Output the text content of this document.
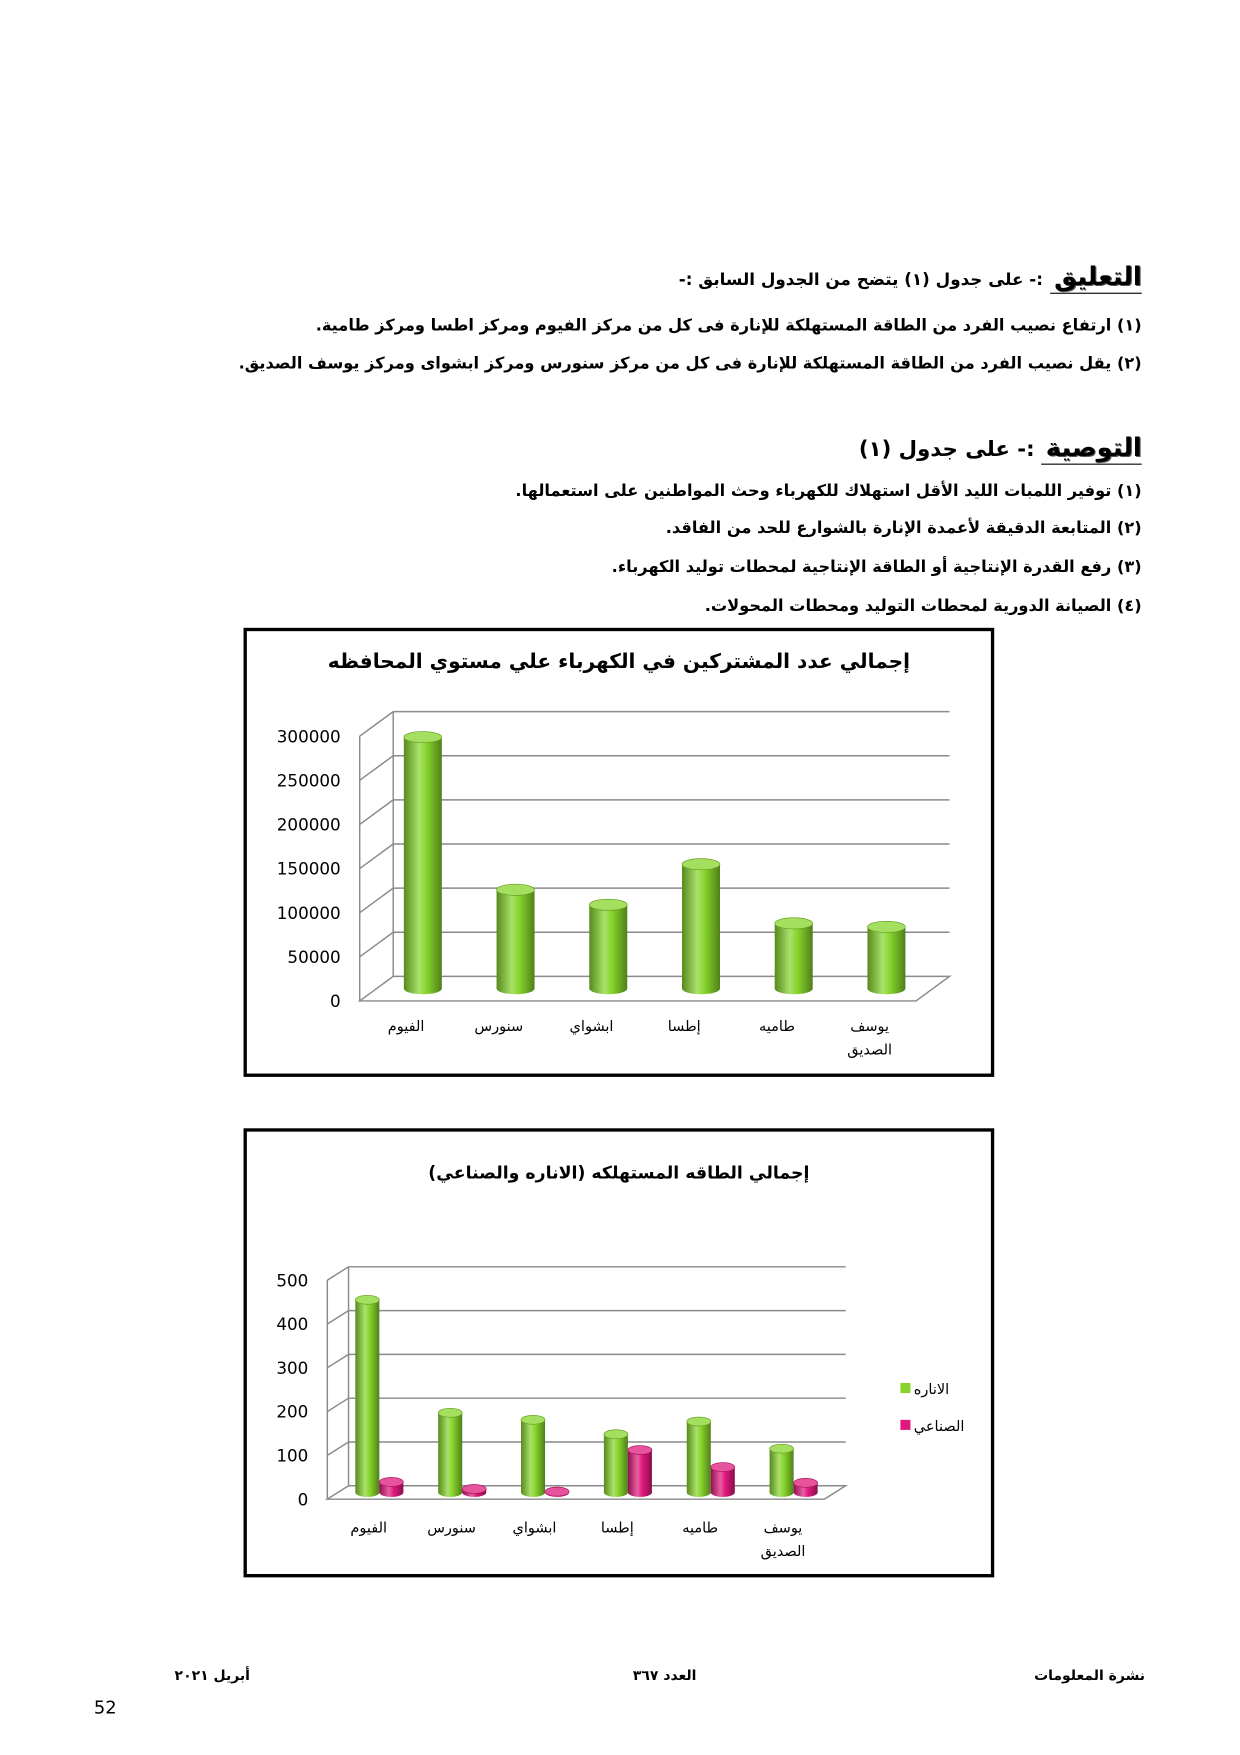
التعليق:- على جدول (١) يتضح من الجدول السابق :-
(١) ارتفاع نصيب الفرد من الطاقة المستهلكة للإنارة فى كل من مركز الفيوم ومركز اطسا ومركز طامية.
(٢) يقل نصيب الفرد من الطاقة المستهلكة للإنارة فى كل من مركز سنورس ومركز ابشواى ومركز يوسف الصديق.
التوصية:- على جدول (١)
(١) توفير اللمبات الليد الأقل استهلاك للكهرباء وحث المواطنين على استعمالها.
(٢) المتابعة الدقيقة لأعمدة الإنارة بالشوارع للحد من الفاقد.
(٣) رفع القدرة الإنتاجية أو الطاقة الإنتاجية لمحطات توليد الكهرباء.
(٤) الصيانة الدورية لمحطات التوليد ومحطات المحولات.
0
50000
100000
150000
200000
250000
300000
الفيوم	سنورس	ابشواي	إطسا	طاميه	يوسف الصديق
إجمالي عدد المشتركين في الكهرباء علي مستوي المحافظه
0
100
200
300
400
500
الفيوم	سنورس	ابشواي	إطسا	طاميه	يوسف الصديق
الاناره
الصناعي
إجمالي الطاقه المستهلكه (الاناره والصناعي)
نشرة المعلومات
العدد ٣٦٧
أبريل ٢٠٢١
52
